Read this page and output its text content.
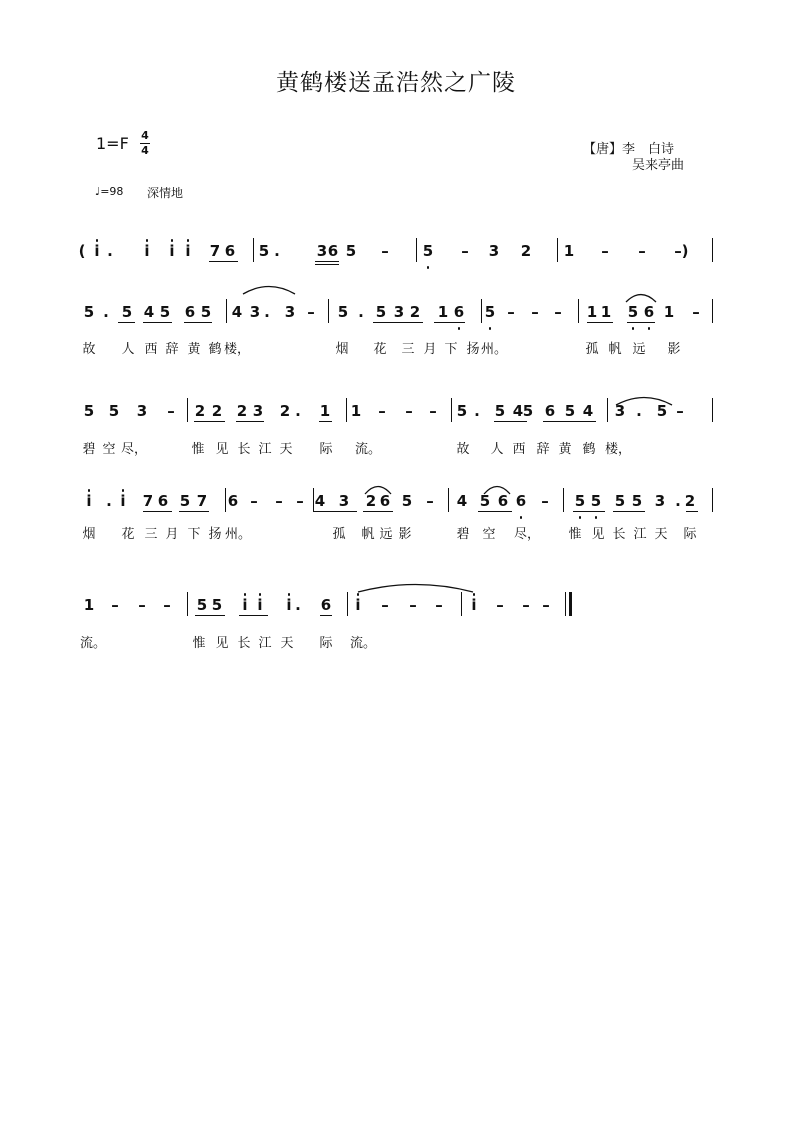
黄鹤楼送孟浩然之广陵
1=F 4
4	【唐】李　白诗
吴来亭曲
♩=98 深情地
( i . i i i 7 6 5 . 3 6 5 – 5 – 3 2 1 – – – )
5 . 5 4 5 6 5 4 3 . 3 – 5 . 5 3 2 1 6 5 – – – 1 1 5 6 1 –
故 人 西 辞 黄 鹤 楼，	烟 花 三 月 下 扬 州。	孤 帆 远 影
5 5 3 – 2 2 2 3 2 . 1 1 – – – 5 . 5 4 5 6 5 4 3 . 5 –
碧 空 尽，	惟 见 长 江 天 际 流。	故 人 西 辞 黄 鹤 楼，
i . i 7 6 5 7 6 – – – 4 3 2 6 5 – 4 5 6 6 – 5 5 5 5 3 . 2
烟 花 三 月 下 扬 州。	孤 帆 远 影	碧 空 尽， 惟 见 长 江 天 际
1 – – – 5 5 i i i . 6 i – – – i – – –
流。	惟 见 长 江 天 际 流。
